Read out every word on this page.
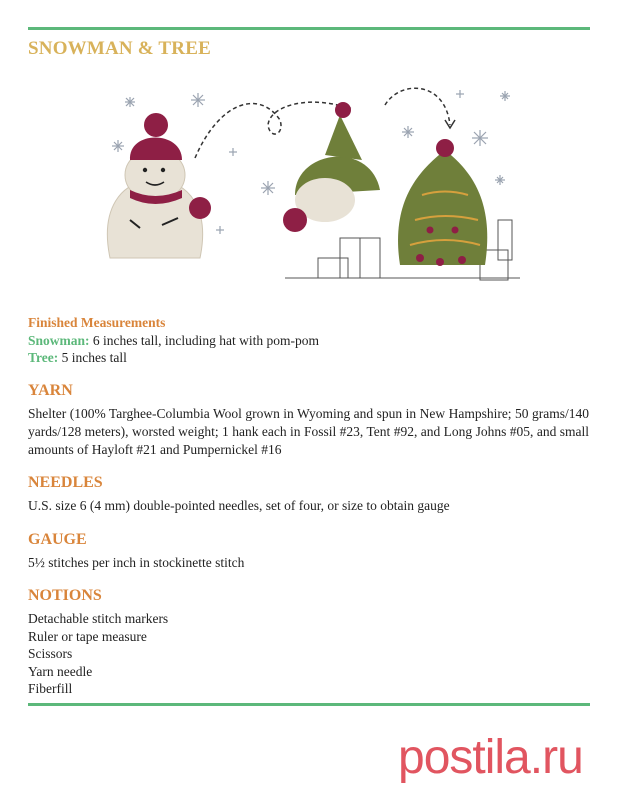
SNOWMAN & TREE
Finished Measurements
Snowman: 6 inches tall, including hat with pom-pom
Tree: 5 inches tall
YARN
Shelter (100% Targhee-Columbia Wool grown in Wyoming and spun in New Hampshire; 50 grams/140 yards/128 meters), worsted weight; 1 hank each in Fossil #23, Tent #92, and Long Johns #05, and small amounts of Hayloft #21 and Pumpernickel #16
NEEDLES
U.S. size 6 (4 mm) double-pointed needles, set of four, or size to obtain gauge
GAUGE
5½ stitches per inch in stockinette stitch
NOTIONS
Detachable stitch markers
Ruler or tape measure
Scissors
Yarn needle
Fiberfill
postila.ru
